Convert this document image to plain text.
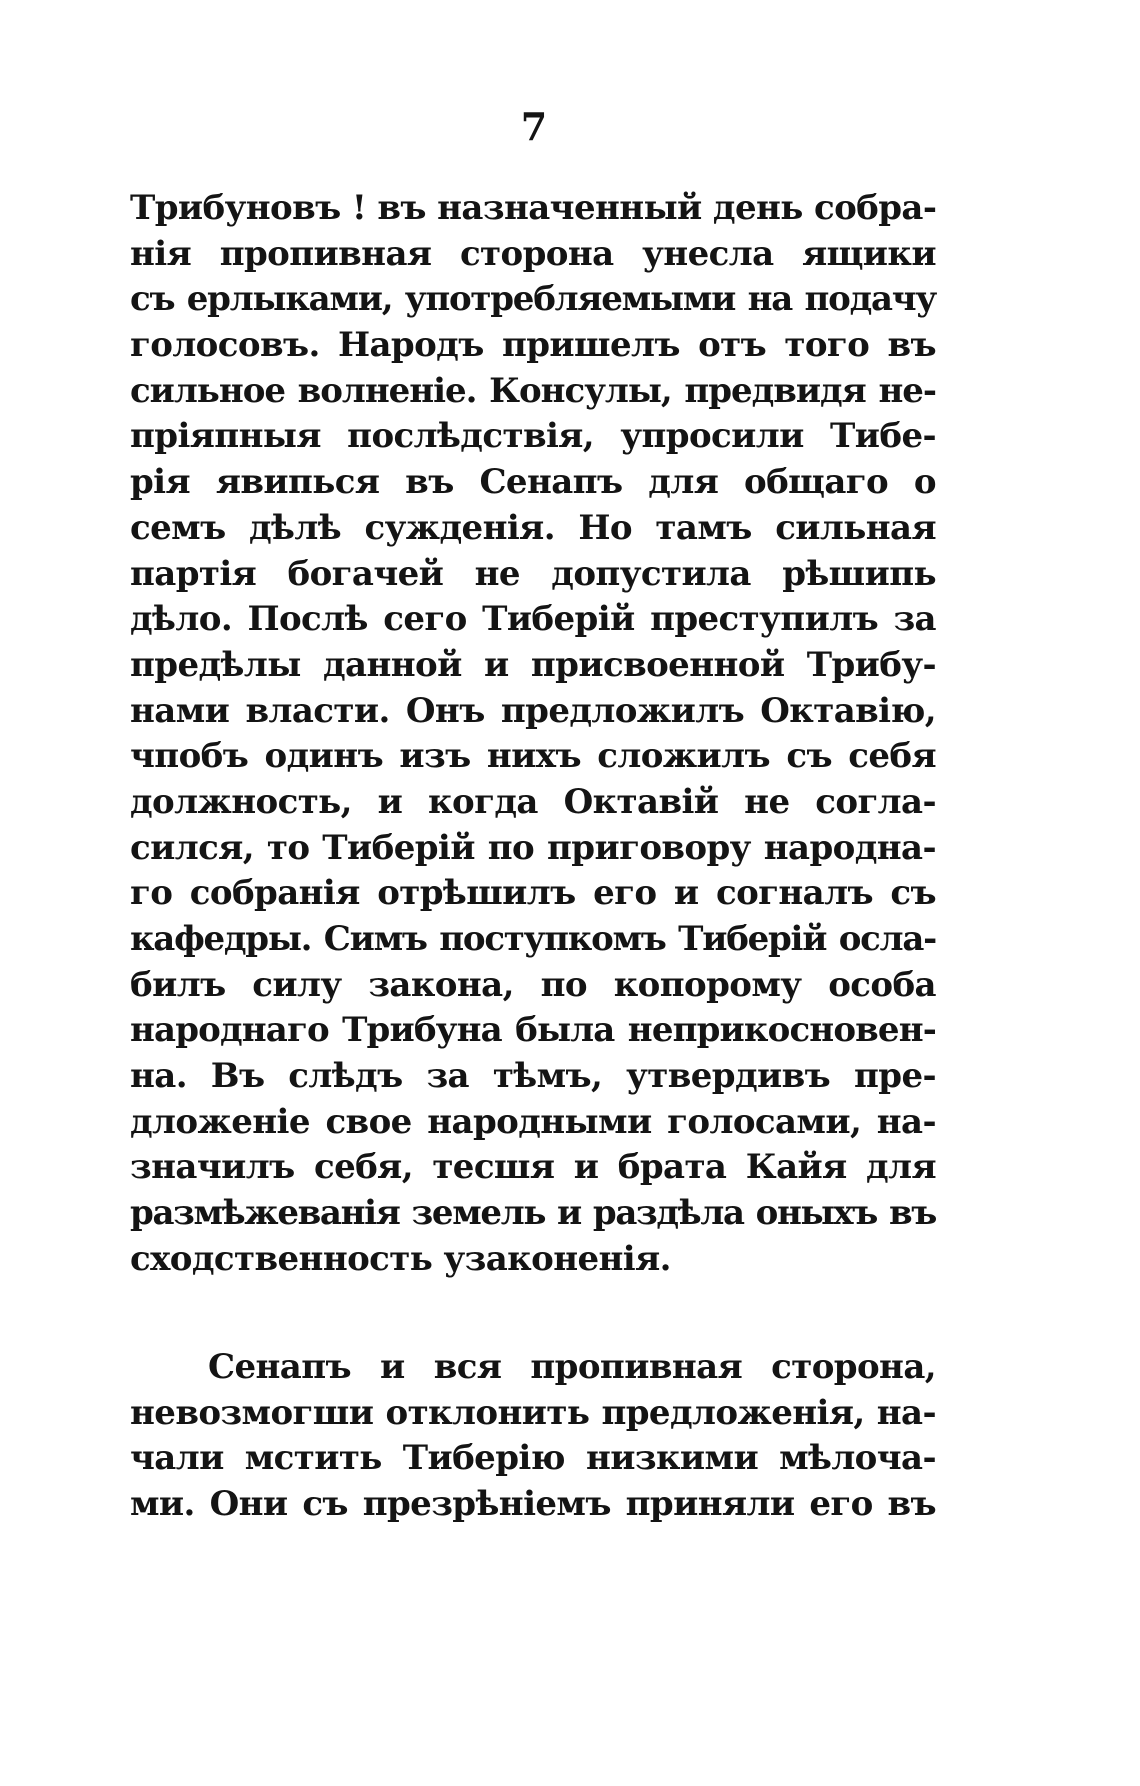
7
Трибуновъ ! въ назначенный день собра-
нія пропивная сторона унесла ящики
съ ерлыками, употребляемыми на подачу
голосовъ. Народъ пришелъ отъ того въ
сильное волненіе. Консулы, предвидя не-
пріяпныя послѣдствія, упросили Тибе-
рія явипься въ Сенапъ для общаго о
семъ дѣлѣ сужденія. Но тамъ сильная
партія богачей не допустила рѣшипь
дѣло. Послѣ сего Тиберій преступилъ за
предѣлы данной и присвоенной Трибу-
нами власти. Онъ предложилъ Октавію,
чпобъ одинъ изъ нихъ сложилъ съ себя
должность, и когда Октавій не согла-
сился, то Тиберій по приговору народна-
го собранія отрѣшилъ его и согналъ съ
кафедры. Симъ поступкомъ Тиберій осла-
билъ силу закона, по копорому особа
народнаго Трибуна была неприкосновен-
на. Въ слѣдъ за тѣмъ, утвердивъ пре-
дложеніе свое народными голосами, на-
значилъ себя, тесшя и брата Кайя для
размѣжеванія земель и раздѣла оныхъ въ
сходственность узаконенія.
Сенапъ и вся пропивная сторона,
невозмогши отклонить предложенія, на-
чали мстить Тиберію низкими мѣлоча-
ми. Они съ презрѣніемъ приняли его въ
